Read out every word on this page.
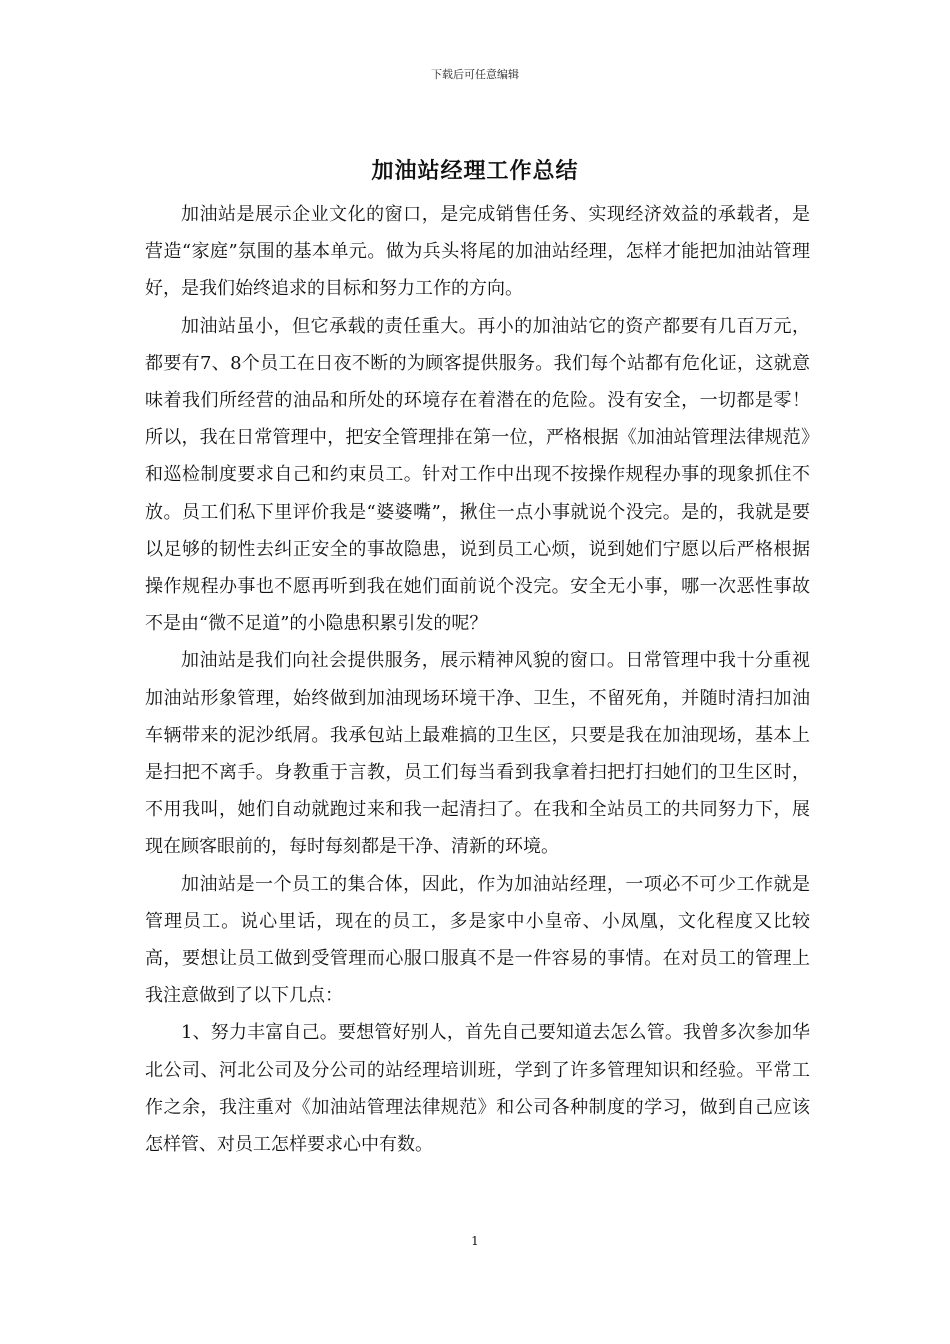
下载后可任意编辑
加油站经理工作总结

加油站是展示企业文化的窗口，是完成销售任务、实现经济效益的承载者，是营造“家庭”氛围的基本单元。做为兵头将尾的加油站经理，怎样才能把加油站管理好，是我们始终追求的目标和努力工作的方向。

加油站虽小，但它承载的责任重大。再小的加油站它的资产都要有几百万元，都要有7、8个员工在日夜不断的为顾客提供服务。我们每个站都有危化证，这就意味着我们所经营的油品和所处的环境存在着潜在的危险。没有安全，一切都是零！所以，我在日常管理中，把安全管理排在第一位，严格根据《加油站管理法律规范》和巡检制度要求自己和约束员工。针对工作中出现不按操作规程办事的现象抓住不放。员工们私下里评价我是“婆婆嘴”，揪住一点小事就说个没完。是的，我就是要以足够的韧性去纠正安全的事故隐患，说到员工心烦，说到她们宁愿以后严格根据操作规程办事也不愿再听到我在她们面前说个没完。安全无小事，哪一次恶性事故不是由“微不足道”的小隐患积累引发的呢？

加油站是我们向社会提供服务，展示精神风貌的窗口。日常管理中我十分重视加油站形象管理，始终做到加油现场环境干净、卫生，不留死角，并随时清扫加油车辆带来的泥沙纸屑。我承包站上最难搞的卫生区，只要是我在加油现场，基本上是扫把不离手。身教重于言教，员工们每当看到我拿着扫把打扫她们的卫生区时，不用我叫，她们自动就跑过来和我一起清扫了。在我和全站员工的共同努力下，展现在顾客眼前的，每时每刻都是干净、清新的环境。

加油站是一个员工的集合体，因此，作为加油站经理，一项必不可少工作就是管理员工。说心里话，现在的员工，多是家中小皇帝、小凤凰，文化程度又比较高，要想让员工做到受管理而心服口服真不是一件容易的事情。在对员工的管理上我注意做到了以下几点：

1、努力丰富自己。要想管好别人，首先自己要知道去怎么管。我曾多次参加华北公司、河北公司及分公司的站经理培训班，学到了许多管理知识和经验。平常工作之余，我注重对《加油站管理法律规范》和公司各种制度的学习，做到自己应该怎样管、对员工怎样要求心中有数。

1
